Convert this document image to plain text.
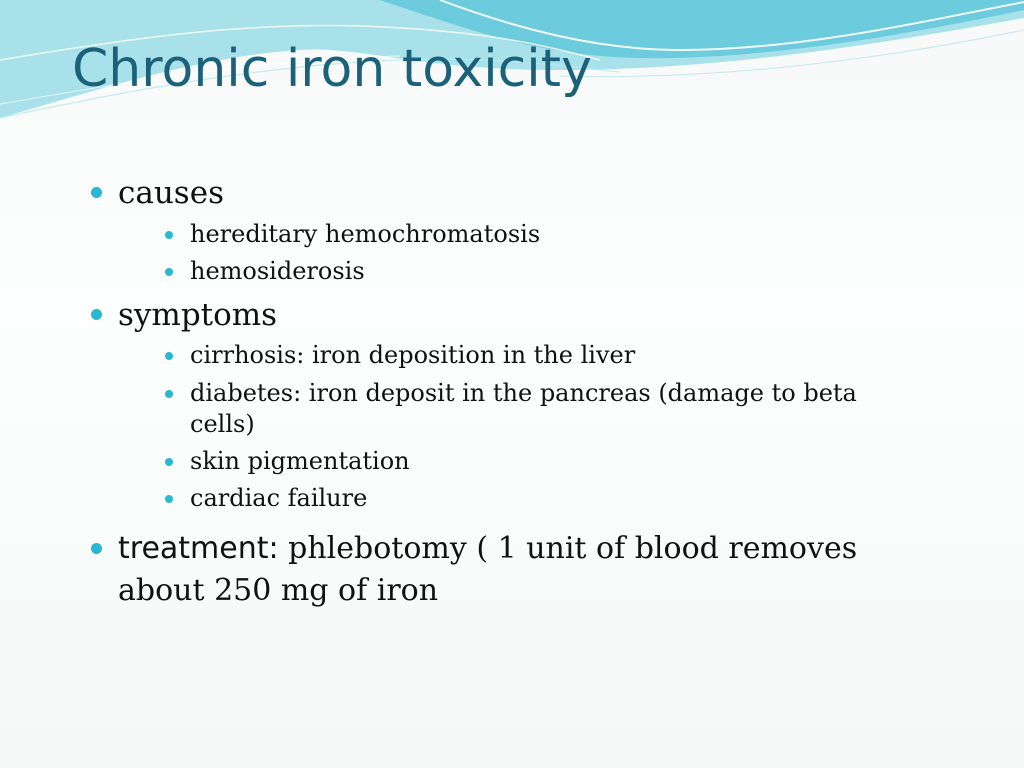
Chronic iron toxicity
causes
hereditary hemochromatosis
hemosiderosis
symptoms
cirrhosis: iron deposition in the liver
diabetes: iron deposit in the pancreas (damage to beta cells)
skin pigmentation
cardiac failure
treatment: phlebotomy ( 1 unit of blood removes about 250 mg of iron
